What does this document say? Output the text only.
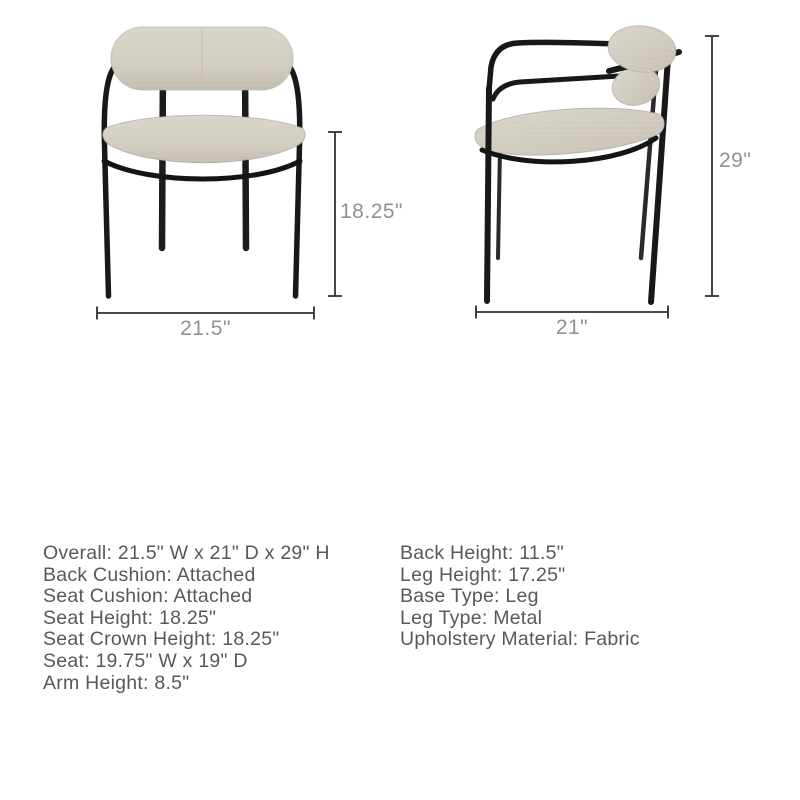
18.25"
21.5"
29"
21"
Overall: 21.5" W x 21" D x 29" H
Back Cushion: Attached
Seat Cushion: Attached
Seat Height: 18.25"
Seat Crown Height: 18.25"
Seat: 19.75" W x 19" D
Arm Height: 8.5"
Back Height: 11.5"
Leg Height: 17.25"
Base Type: Leg
Leg Type: Metal
Upholstery Material: Fabric
